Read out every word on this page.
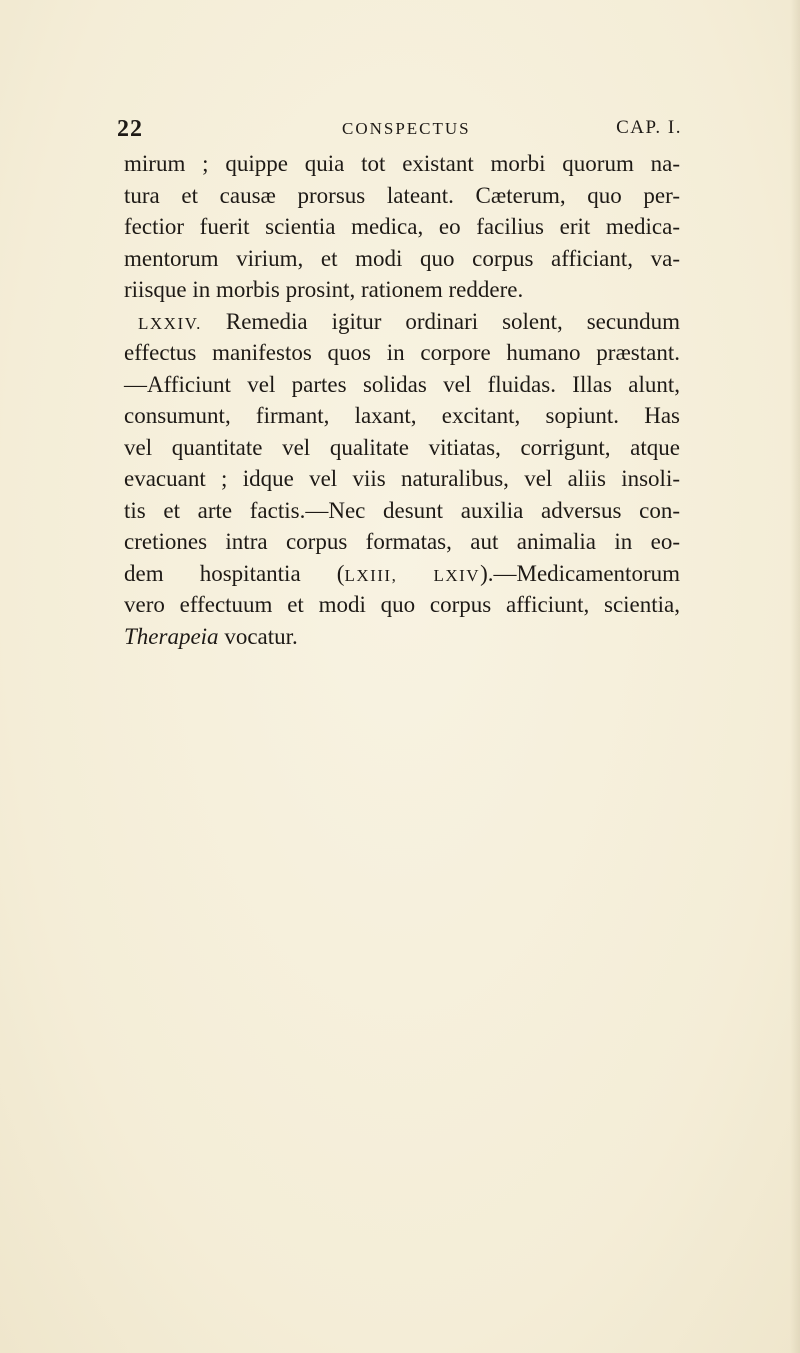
22	CONSPECTUS	CAP. I.
mirum ; quippe quia tot existant morbi quorum na-
tura et causæ prorsus lateant. Cæterum, quo per-
fectior fuerit scientia medica, eo facilius erit medica-
mentorum virium, et modi quo corpus afficiant, va-
riisque in morbis prosint, rationem reddere.
LXXIV. Remedia igitur ordinari solent, secundum
effectus manifestos quos in corpore humano præstant.
—Afficiunt vel partes solidas vel fluidas. Illas alunt,
consumunt, firmant, laxant, excitant, sopiunt. Has
vel quantitate vel qualitate vitiatas, corrigunt, atque
evacuant ; idque vel viis naturalibus, vel aliis insoli-
tis et arte factis.—Nec desunt auxilia adversus con-
cretiones intra corpus formatas, aut animalia in eo-
dem hospitantia (LXIII, LXIV).—Medicamentorum
vero effectuum et modi quo corpus afficiunt, scientia,
Therapeia vocatur.
